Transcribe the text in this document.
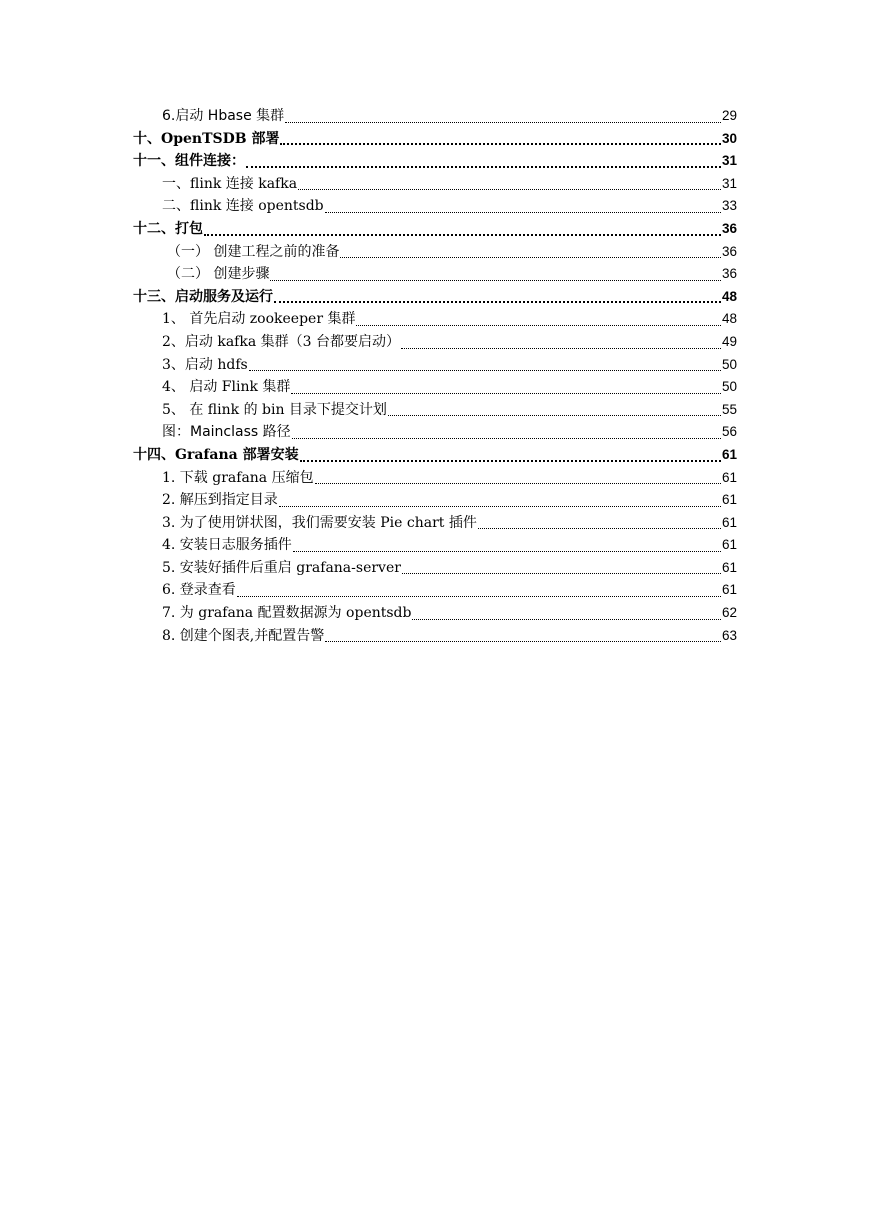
6.启动 Hbase 集群	29
十、OpenTSDB 部署	30
十一、组件连接：	31
一、flink 连接 kafka	31
二、flink 连接 opentsdb	33
十二、打包	36
（一） 创建工程之前的准备	36
（二） 创建步骤	36
十三、启动服务及运行	48
1、 首先启动 zookeeper 集群	48
2、启动 kafka 集群（3 台都要启动）	49
3、启动 hdfs	50
4、 启动 Flink 集群	50
5、 在 flink 的 bin 目录下提交计划	55
图：Mainclass 路径	56
十四、Grafana 部署安装	61
1. 下载 grafana 压缩包	61
2. 解压到指定目录	61
3. 为了使用饼状图，我们需要安装 Pie chart 插件	61
4. 安装日志服务插件	61
5. 安装好插件后重启 grafana-server	61
6. 登录查看	61
7. 为 grafana 配置数据源为 opentsdb	62
8. 创建个图表,并配置告警	63
